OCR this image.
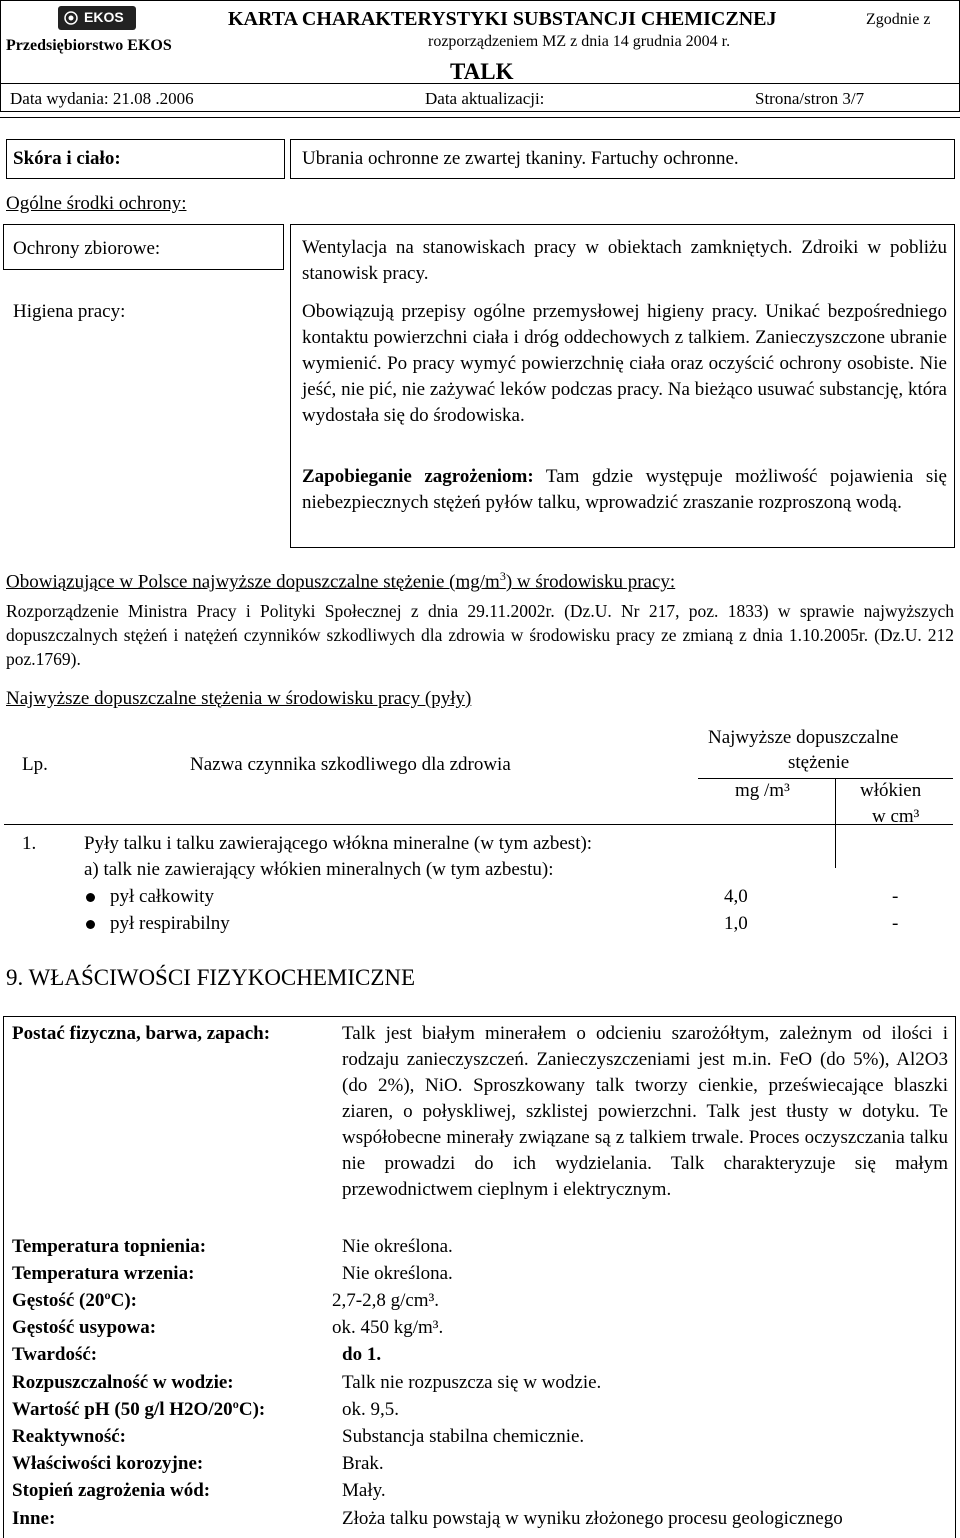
EKOS
Przedsiębiorstwo EKOS
KARTA CHARAKTERYSTYKI SUBSTANCJI CHEMICZNEJ	Zgodnie z
rozporządzeniem MZ z dnia 14 grudnia 2004 r.
TALK
Data wydania: 21.08 .2006	Data aktualizacji:	Strona/stron 3/7
Skóra i ciało:	Ubrania ochronne ze zwartej tkaniny. Fartuchy ochronne.
Ogólne środki ochrony:
Ochrony zbiorowe:	Wentylacja na stanowiskach pracy w obiektach zamkniętych. Zdroiki w pobliżu stanowisk pracy.
Higiena pracy:	Obowiązują przepisy ogólne przemysłowej higieny pracy. Unikać bezpośredniego kontaktu powierzchni ciała i dróg oddechowych z talkiem. Zanieczyszczone ubranie wymienić. Po pracy wymyć powierzchnię ciała oraz oczyścić ochrony osobiste. Nie jeść, nie pić, nie zażywać leków podczas pracy. Na bieżąco usuwać substancję, która wydostała się do środowiska.
Zapobieganie zagrożeniom: Tam gdzie występuje możliwość pojawienia się niebezpiecznych stężeń pyłów talku, wprowadzić zraszanie rozproszoną wodą.
Obowiązujące w Polsce najwyższe dopuszczalne stężenie $(mg/m^3)$ w środowisku pracy:
Rozporządzenie Ministra Pracy i Polityki Społecznej z dnia 29.11.2002r. (Dz.U. Nr 217, poz. 1833) w sprawie najwyższych dopuszczalnych stężeń i natężeń czynników szkodliwych dla zdrowia w środowisku pracy ze zmianą z dnia 1.10.2005r. (Dz.U. 212 poz.1769).
Najwyższe dopuszczalne stężenia w środowisku pracy (pyły)
Lp.	Nazwa czynnika szkodliwego dla zdrowia
Najwyższe dopuszczalne
stężenie
mg /m³	włókien
w cm³
1.	Pyły talku i talku zawierającego włókna mineralne (w tym azbest):
a) talk nie zawierający włókien mineralnych (w tym azbestu):
pył całkowity	4,0	-
pył respirabilny	1,0	-
9. WŁAŚCIWOŚCI FIZYKOCHEMICZNE
Postać fizyczna, barwa, zapach:	Talk jest białym minerałem o odcieniu szarożółtym, zależnym od ilości i rodzaju zanieczyszczeń. Zanieczyszczeniami jest m.in. FeO (do 5%), Al2O3 (do 2%), NiO. Sproszkowany talk tworzy cienkie, przeświecające blaszki ziaren, o połyskliwej, szklistej powierzchni. Talk jest tłusty w dotyku. Te współobecne minerały związane są z talkiem trwale. Proces oczyszczania talku nie prowadzi do ich wydzielania. Talk charakteryzuje się małym przewodnictwem cieplnym i elektrycznym.
Temperatura topnienia:	Nie określona.
Temperatura wrzenia:	Nie określona.
Gęstość (20ºC):	2,7-2,8 g/cm³.
Gęstość usypowa:	ok. 450 kg/m³.
Twardość:	do 1.
Rozpuszczalność w wodzie:	Talk nie rozpuszcza się w wodzie.
Wartość pH (50 g/l H2O/20ºC):	ok. 9,5.
Reaktywność:	Substancja stabilna chemicznie.
Właściwości korozyjne:	Brak.
Stopień zagrożenia wód:	Mały.
Inne:	Złoża talku powstają w wyniku złożonego procesu geologicznego
